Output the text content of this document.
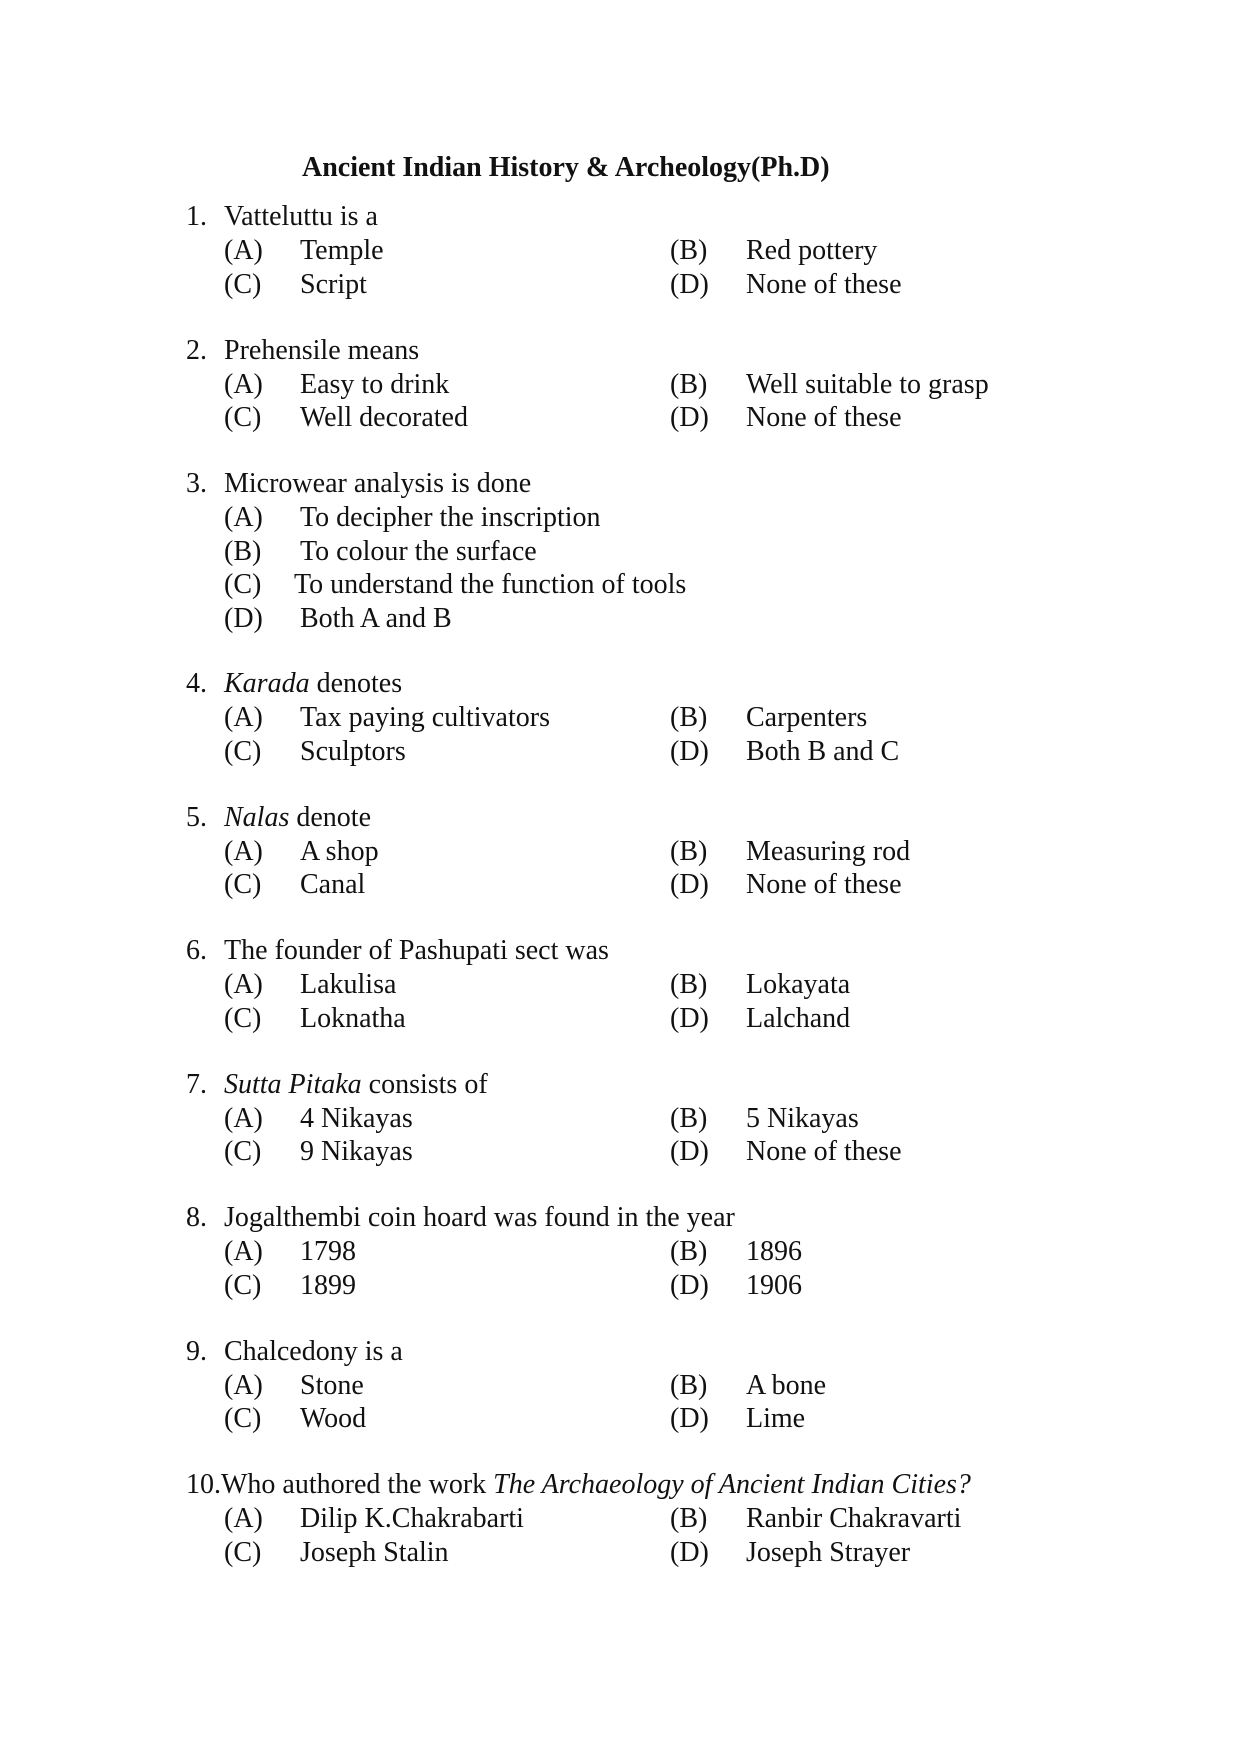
Ancient Indian History & Archeology(Ph.D)
1. Vatteluttu is a
(A) Temple	(B) Red pottery
(C) Script	(D) None of these
2. Prehensile means
(A) Easy to drink	(B) Well suitable to grasp
(C) Well decorated	(D) None of these
3. Microwear analysis is done
(A) To decipher the inscription
(B) To colour the surface
(C) To understand the function of tools
(D) Both A and B
4. Karada denotes
(A) Tax paying cultivators	(B) Carpenters
(C) Sculptors	(D) Both B and C
5. Nalas denote
(A) A shop	(B) Measuring rod
(C) Canal	(D) None of these
6. The founder of Pashupati sect was
(A) Lakulisa	(B) Lokayata
(C) Loknatha	(D) Lalchand
7. Sutta Pitaka consists of
(A) 4 Nikayas	(B) 5 Nikayas
(C) 9 Nikayas	(D) None of these
8. Jogalthembi coin hoard was found in the year
(A) 1798	(B) 1896
(C) 1899	(D) 1906
9. Chalcedony is a
(A) Stone	(B) A bone
(C) Wood	(D) Lime
10.Who authored the work The Archaeology of Ancient Indian Cities?
(A) Dilip K.Chakrabarti	(B) Ranbir Chakravarti
(C) Joseph Stalin	(D) Joseph Strayer
